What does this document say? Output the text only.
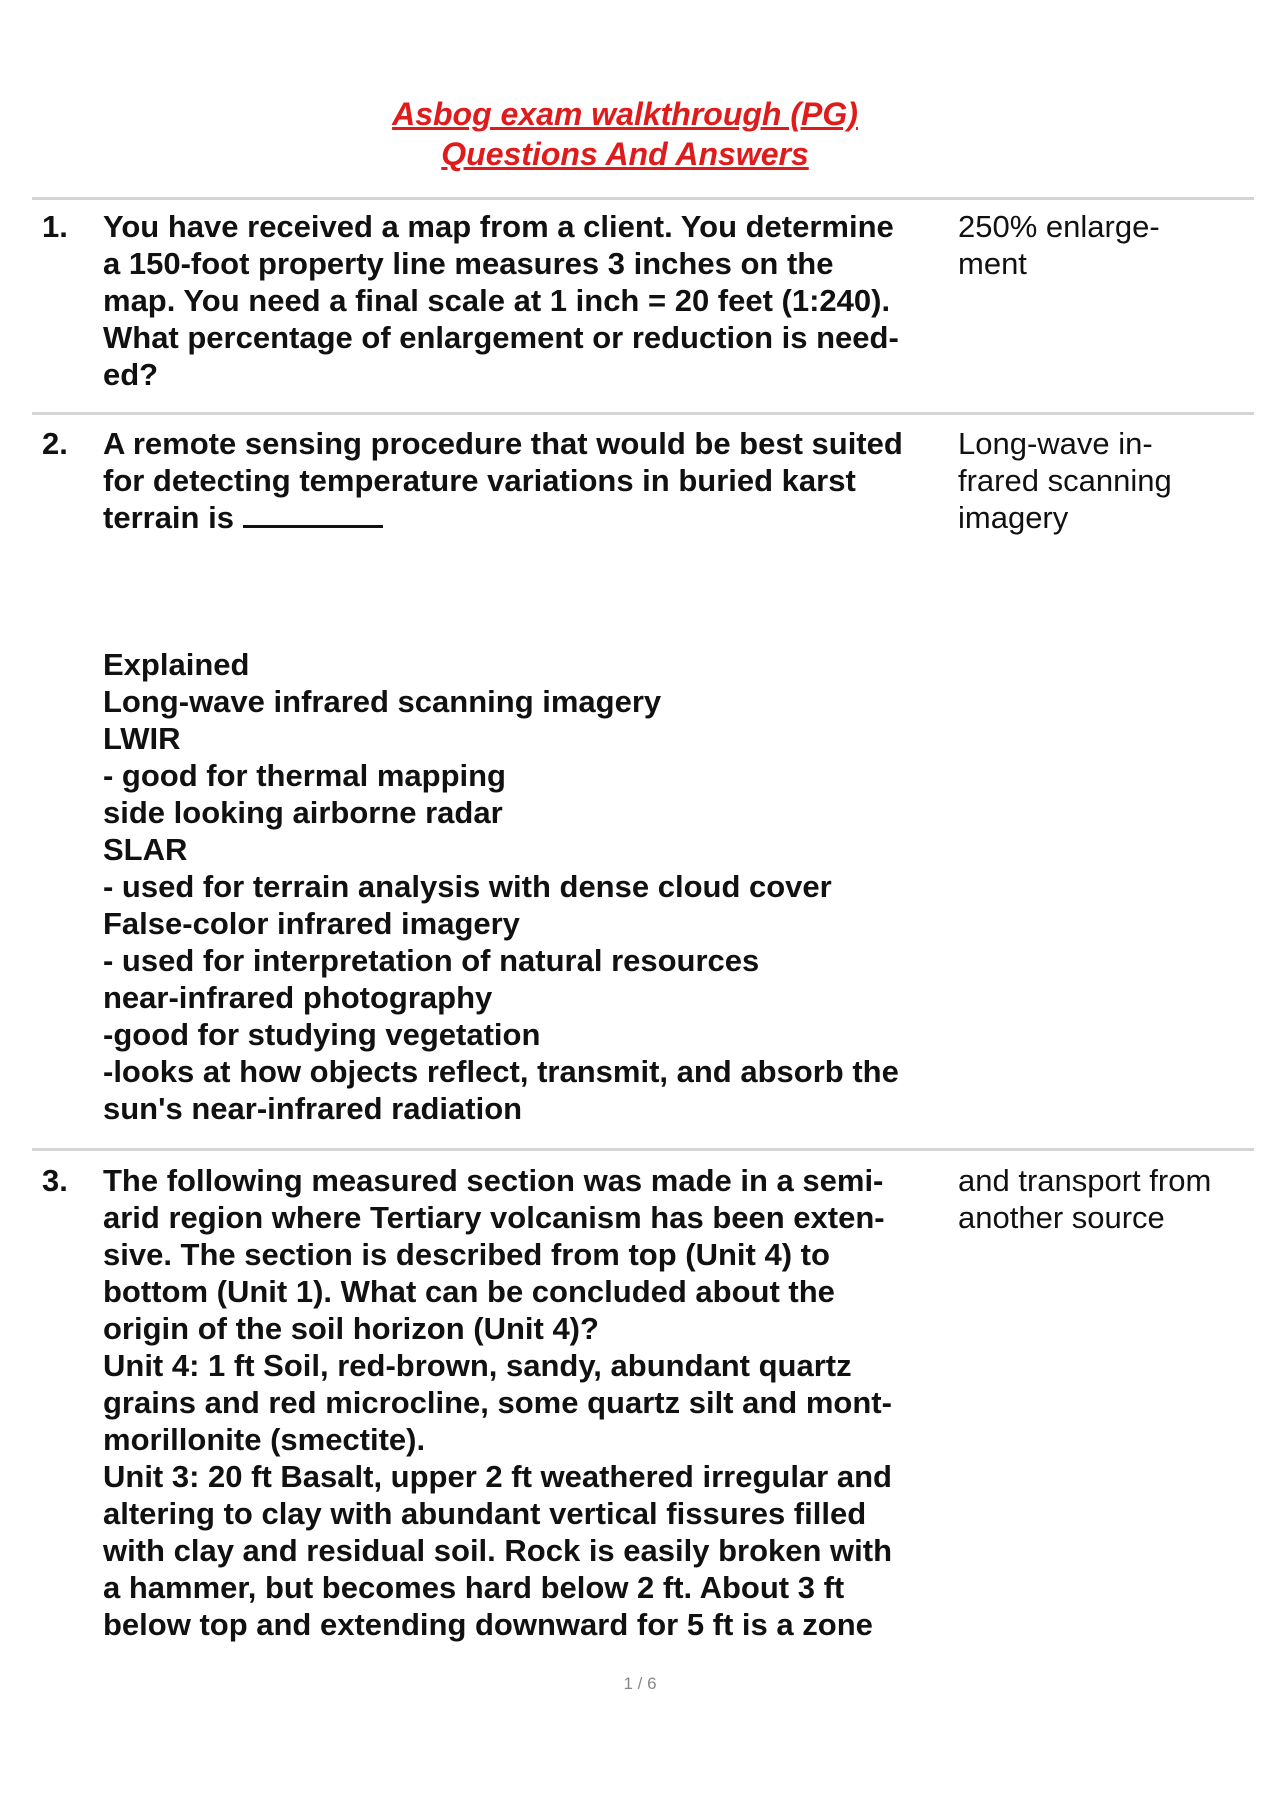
Asbog exam walkthrough (PG)
Questions And Answers
1. You have received a map from a client. You determine
a 150-foot property line measures 3 inches on the
map. You need a final scale at 1 inch = 20 feet (1:240).
What percentage of enlargement or reduction is need-
ed?

250% enlarge-
ment
2. A remote sensing procedure that would be best suited
for detecting temperature variations in buried karst
terrain is

Long-wave in-
frared scanning
imagery
Explained
Long-wave infrared scanning imagery
LWIR
- good for thermal mapping
side looking airborne radar
SLAR
- used for terrain analysis with dense cloud cover
False-color infrared imagery
- used for interpretation of natural resources
near-infrared photography
-good for studying vegetation
-looks at how objects reflect, transmit, and absorb the
sun's near-infrared radiation
3. The following measured section was made in a semi-
arid region where Tertiary volcanism has been exten-
sive. The section is described from top (Unit 4) to
bottom (Unit 1). What can be concluded about the
origin of the soil horizon (Unit 4)?
Unit 4: 1 ft Soil, red-brown, sandy, abundant quartz
grains and red microcline, some quartz silt and mont-
morillonite (smectite).
Unit 3: 20 ft Basalt, upper 2 ft weathered irregular and
altering to clay with abundant vertical fissures filled
with clay and residual soil. Rock is easily broken with
a hammer, but becomes hard below 2 ft. About 3 ft
below top and extending downward for 5 ft is a zone

and transport from
another source
1 / 6
